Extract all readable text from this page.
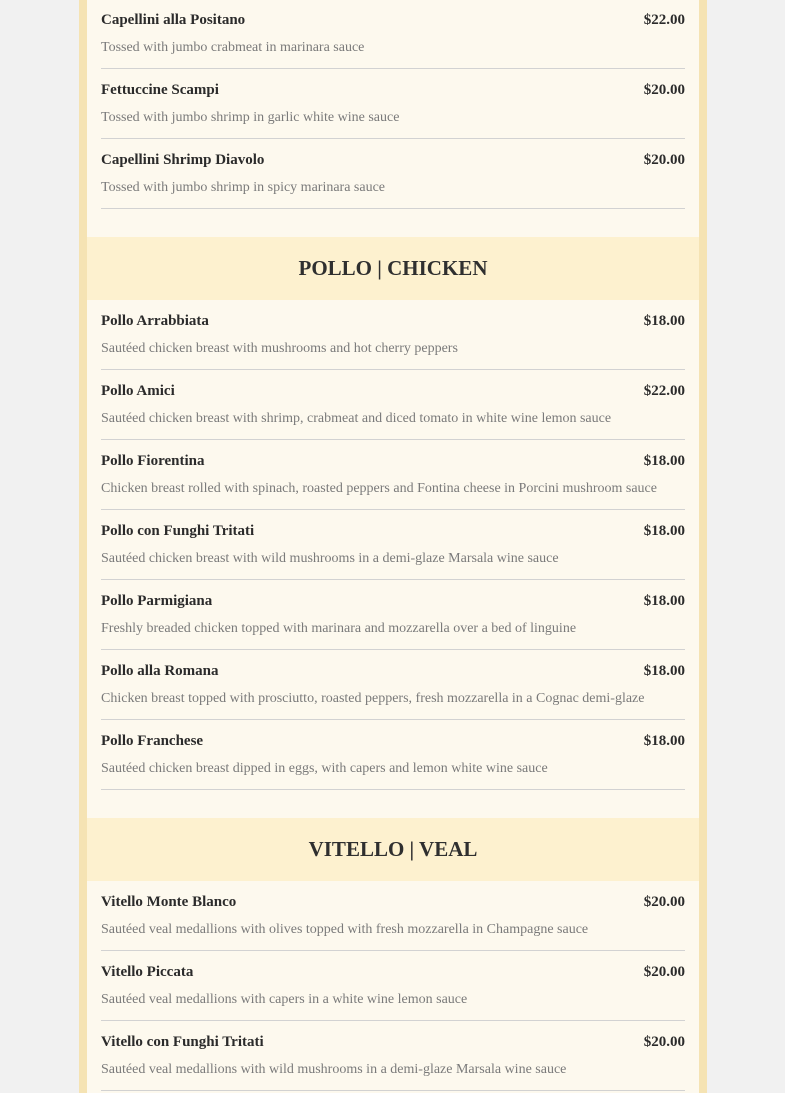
Capellini alla Positano	$22.00
Tossed with jumbo crabmeat in marinara sauce
Fettuccine Scampi	$20.00
Tossed with jumbo shrimp in garlic white wine sauce
Capellini Shrimp Diavolo	$20.00
Tossed with jumbo shrimp in spicy marinara sauce
POLLO | CHICKEN
Pollo Arrabbiata	$18.00
Sautéed chicken breast with mushrooms and hot cherry peppers
Pollo Amici	$22.00
Sautéed chicken breast with shrimp, crabmeat and diced tomato in white wine lemon sauce
Pollo Fiorentina	$18.00
Chicken breast rolled with spinach, roasted peppers and Fontina cheese in Porcini mushroom sauce
Pollo con Funghi Tritati	$18.00
Sautéed chicken breast with wild mushrooms in a demi-glaze Marsala wine sauce
Pollo Parmigiana	$18.00
Freshly breaded chicken topped with marinara and mozzarella over a bed of linguine
Pollo alla Romana	$18.00
Chicken breast topped with prosciutto, roasted peppers, fresh mozzarella in a Cognac demi-glaze
Pollo Franchese	$18.00
Sautéed chicken breast dipped in eggs, with capers and lemon white wine sauce
VITELLO | VEAL
Vitello Monte Blanco	$20.00
Sautéed veal medallions with olives topped with fresh mozzarella in Champagne sauce
Vitello Piccata	$20.00
Sautéed veal medallions with capers in a white wine lemon sauce
Vitello con Funghi Tritati	$20.00
Sautéed veal medallions with wild mushrooms in a demi-glaze Marsala wine sauce
